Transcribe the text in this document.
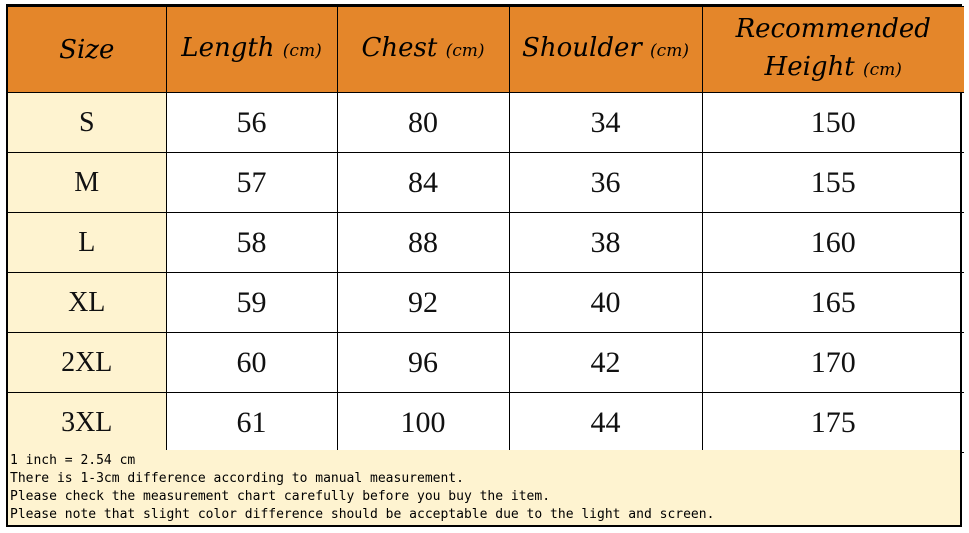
Size	Length (cm)	Chest (cm)	Shoulder (cm)	Recommended Height (cm)
S	56	80	34	150
M	57	84	36	155
L	58	88	38	160
XL	59	92	40	165
2XL	60	96	42	170
3XL	61	100	44	175
1 inch = 2.54 cm
There is 1-3cm difference according to manual measurement.
Please check the measurement chart carefully before you buy the item.
Please note that slight color difference should be acceptable due to the light and screen.
